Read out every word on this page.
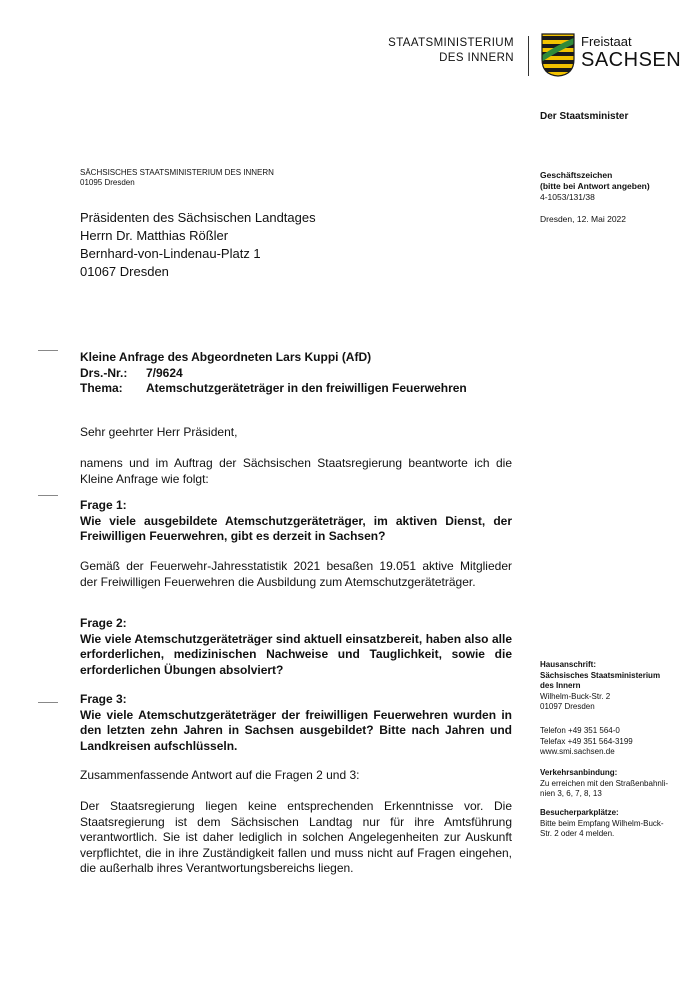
STAATSMINISTERIUM
DES INNERN
Freistaat
SACHSEN
Der Staatsminister
SÄCHSISCHES STAATSMINISTERIUM DES INNERN
01095 Dresden
Präsidenten des Sächsischen Landtages
Herrn Dr. Matthias Rößler
Bernhard-von-Lindenau-Platz 1
01067 Dresden
Geschäftszeichen
(bitte bei Antwort angeben)
4-1053/131/38
Dresden, 12. Mai 2022
Kleine Anfrage des Abgeordneten Lars Kuppi (AfD)
Drs.-Nr.:	7/9624
Thema:	Atemschutzgeräteträger in den freiwilligen Feuerwehren
Sehr geehrter Herr Präsident,
namens und im Auftrag der Sächsischen Staatsregierung beantworte ich die Kleine Anfrage wie folgt:
Frage 1:
Wie viele ausgebildete Atemschutzgeräteträger, im aktiven Dienst, der Freiwilligen Feuerwehren, gibt es derzeit in Sachsen?
Gemäß der Feuerwehr-Jahresstatistik 2021 besaßen 19.051 aktive Mitglieder der Freiwilligen Feuerwehren die Ausbildung zum Atemschutzgeräteträger.
Frage 2:
Wie viele Atemschutzgeräteträger sind aktuell einsatzbereit, haben also alle erforderlichen, medizinischen Nachweise und Tauglichkeit, sowie die erforderlichen Übungen absolviert?
Frage 3:
Wie viele Atemschutzgeräteträger der freiwilligen Feuerwehren wurden in den letzten zehn Jahren in Sachsen ausgebildet? Bitte nach Jahren und Landkreisen aufschlüsseln.
Zusammenfassende Antwort auf die Fragen 2 und 3:
Der Staatsregierung liegen keine entsprechenden Erkenntnisse vor. Die Staatsregierung ist dem Sächsischen Landtag nur für ihre Amtsführung verantwortlich. Sie ist daher lediglich in solchen Angelegenheiten zur Auskunft verpflichtet, die in ihre Zuständigkeit fallen und muss nicht auf Fragen eingehen, die außerhalb ihres Verantwortungsbereichs liegen.
Hausanschrift:
Sächsisches Staatsministerium
des Innern
Wilhelm-Buck-Str. 2
01097 Dresden
Telefon +49 351 564-0
Telefax +49 351 564-3199
www.smi.sachsen.de
Verkehrsanbindung:
Zu erreichen mit den Straßenbahnli-
nien 3, 6, 7, 8, 13
Besucherparkplätze:
Bitte beim Empfang Wilhelm-Buck-
Str. 2 oder 4 melden.
